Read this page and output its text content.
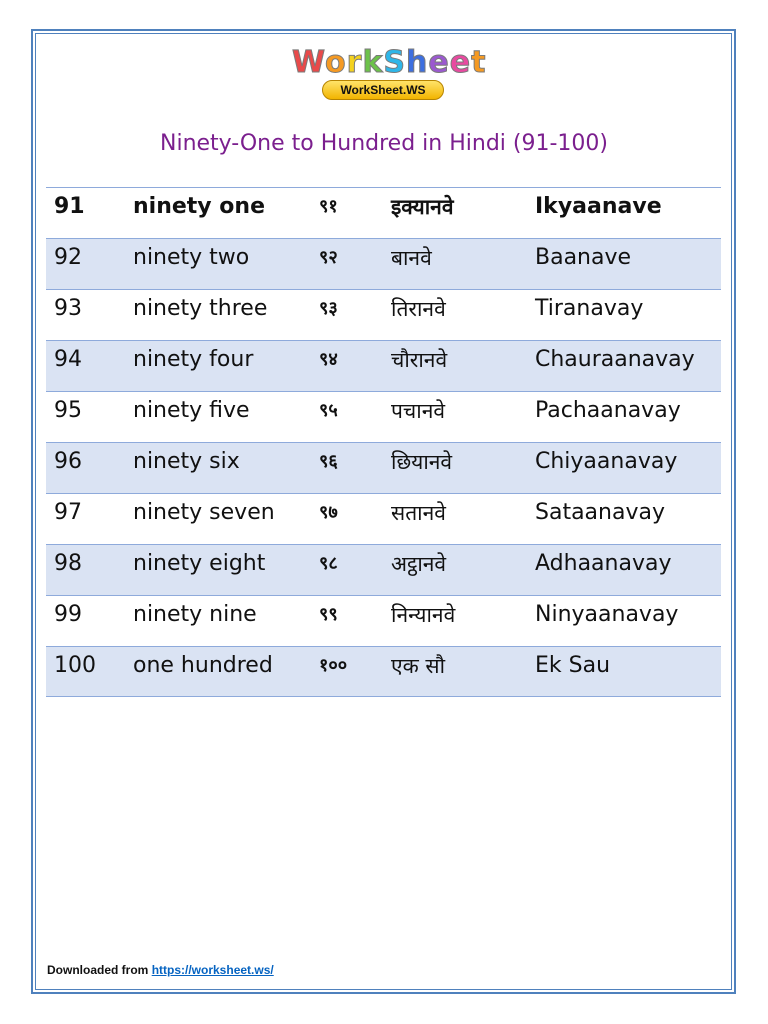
WorkSheet
WorkSheet.WS
Ninety-One to Hundred in Hindi (91-100)
91 ninety one	९१	इक्यानवे	Ikyaanave
92 ninety two	९२	बानवे	Baanave
93 ninety three	९३	तिरानवे	Tiranavay
94 ninety four	९४	चौरानवे	Chauraanavay
95 ninety five	९५	पचानवे	Pachaanavay
96 ninety six	९६	छियानवे	Chiyaanavay
97 ninety seven ९७	सतानवे	Sataanavay
98 ninety eight	९८	अट्ठानवे	Adhaanavay
99 ninety nine	९९	निन्यानवे	Ninyaanavay
100 one hundred	१०० एक सौ	Ek Sau
Downloaded from https://worksheet.ws/
